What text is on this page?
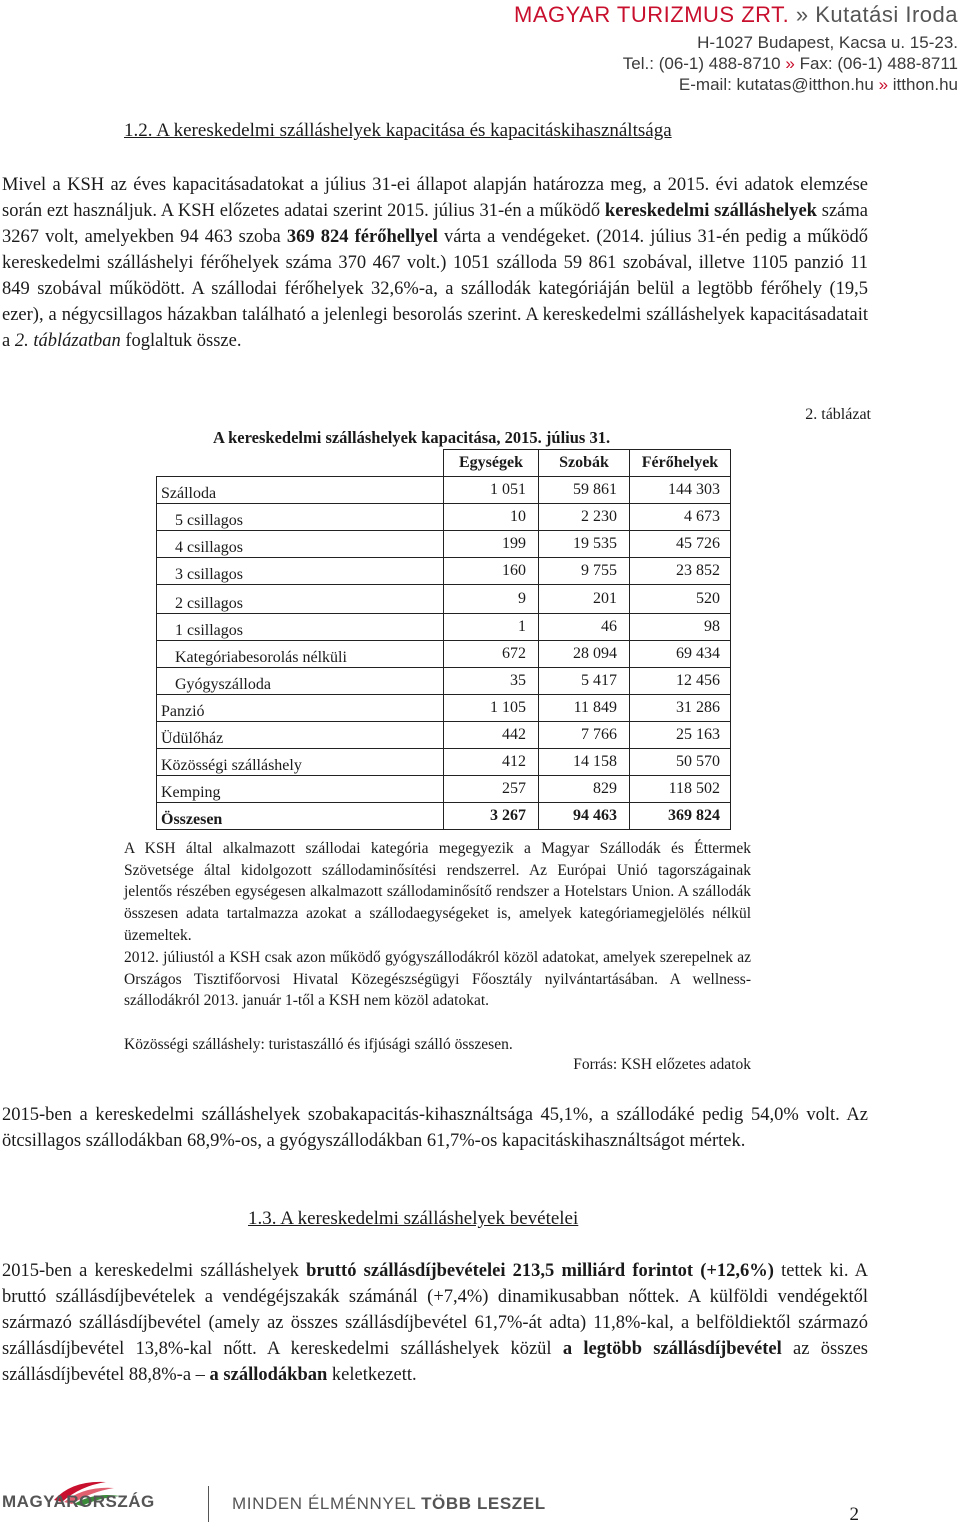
MAGYAR TURIZMUS ZRT. » Kutatási Iroda
H-1027 Budapest, Kacsa u. 15-23.
Tel.: (06-1) 488-8710 » Fax: (06-1) 488-8711
E-mail: kutatas@itthon.hu » itthon.hu
1.2. A kereskedelmi szálláshelyek kapacitása és kapacitáskihasználtsága
Mivel a KSH az éves kapacitásadatokat a július 31-ei állapot alapján határozza meg, a 2015. évi adatok elemzése során ezt használjuk. A KSH előzetes adatai szerint 2015. július 31-én a működő kereskedelmi szálláshelyek száma 3267 volt, amelyekben 94 463 szoba 369 824 férőhellyel várta a vendégeket. (2014. július 31-én pedig a működő kereskedelmi szálláshelyi férőhelyek száma 370 467 volt.) 1051 szálloda 59 861 szobával, illetve 1105 panzió 11 849 szobával működött. A szállodai férőhelyek 32,6%-a, a szállodák kategóriáján belül a legtöbb férőhely (19,5 ezer), a négycsillagos házakban található a jelenlegi besorolás szerint. A kereskedelmi szálláshelyek kapacitásadatait a 2. táblázatban foglaltuk össze.
2. táblázat
A kereskedelmi szálláshelyek kapacitása, 2015. július 31.
	Egységek	Szobák	Férőhelyek
Szálloda	1 051	59 861	144 303
5 csillagos	10	2 230	4 673
4 csillagos	199	19 535	45 726
3 csillagos	160	9 755	23 852
2 csillagos	9	201	520
1 csillagos	1	46	98
Kategóriabesorolás nélküli	672	28 094	69 434
Gyógyszálloda	35	5 417	12 456
Panzió	1 105	11 849	31 286
Üdülőház	442	7 766	25 163
Közösségi szálláshely	412	14 158	50 570
Kemping	257	829	118 502
Összesen	3 267	94 463	369 824
A KSH által alkalmazott szállodai kategória megegyezik a Magyar Szállodák és Éttermek Szövetsége által kidolgozott szállodaminősítési rendszerrel. Az Európai Unió tagországainak jelentős részében egységesen alkalmazott szállodaminősítő rendszer a Hotelstars Union. A szállodák összesen adata tartalmazza azokat a szállodaegységeket is, amelyek kategóriamegjelölés nélkül üzemeltek.
2012. júliustól a KSH csak azon működő gyógyszállodákról közöl adatokat, amelyek szerepelnek az Országos Tisztifőorvosi Hivatal Közegészségügyi Főosztály nyilvántartásában. A wellness-szállodákról 2013. január 1-től a KSH nem közöl adatokat.
Közösségi szálláshely: turistaszálló és ifjúsági szálló összesen.
Forrás: KSH előzetes adatok
2015-ben a kereskedelmi szálláshelyek szobakapacitás-kihasználtsága 45,1%, a szállodáké pedig 54,0% volt. Az ötcsillagos szállodákban 68,9%-os, a gyógyszállodákban 61,7%-os kapacitáskihasználtságot mértek.
1.3. A kereskedelmi szálláshelyek bevételei
2015-ben a kereskedelmi szálláshelyek bruttó szállásdíjbevételei 213,5 milliárd forintot (+12,6%) tettek ki. A bruttó szállásdíjbevételek a vendégéjszakák számánál (+7,4%) dinamikusabban nőttek. A külföldi vendégektől származó szállásdíjbevétel (amely az összes szállásdíjbevétel 61,7%-át adta) 11,8%-kal, a belföldiektől származó szállásdíjbevétel 13,8%-kal nőtt. A kereskedelmi szálláshelyek közül a legtöbb szállásdíjbevétel az összes szállásdíjbevétel 88,8%-a – a szállodákban keletkezett.
MAGYARORSZÁG	MINDEN ÉLMÉNNYEL TÖBB LESZEL
2
